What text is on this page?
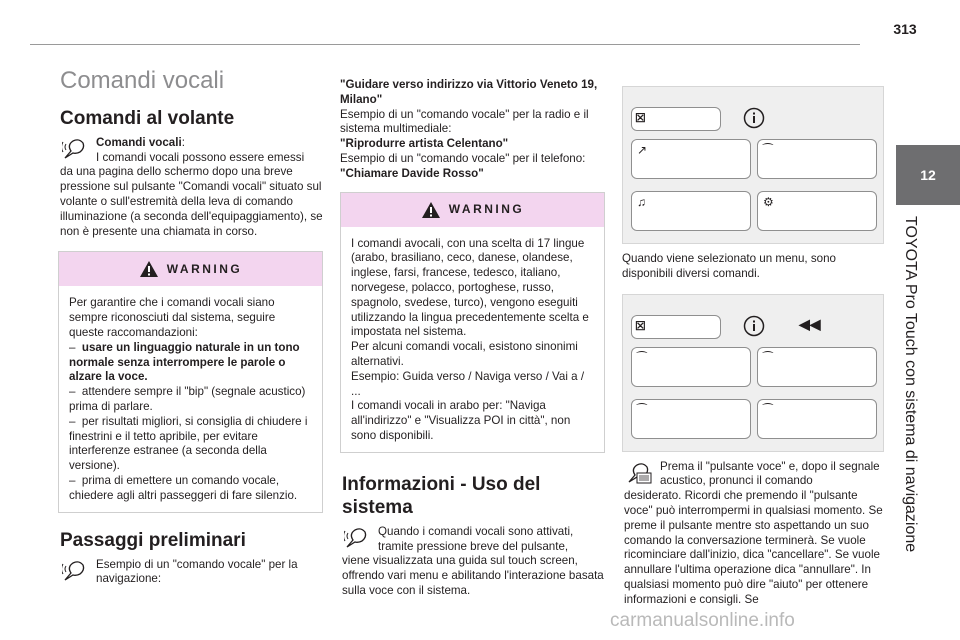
313
12
TOYOTA Pro Touch con sistema di navigazione
Comandi vocali
Comandi al volante

Comandi vocali:

I comandi vocali possono essere emessi

da una pagina dello schermo dopo una breve pressione sul pulsante "Comandi vocali" situato sul volante o sull'estremità della leva di comando illuminazione (a seconda dell'equipaggiamento), se non è presente una chiamata in corso.

WARNING

Per garantire che i comandi vocali siano sempre riconosciuti dal sistema, seguire queste raccomandazioni:

– usare un linguaggio naturale in un tono normale senza interrompere le parole o alzare la voce.

– attendere sempre il "bip" (segnale acustico) prima di parlare.

– per risultati migliori, si consiglia di chiudere i finestrini e il tetto apribile, per evitare interferenze estranee (a seconda della versione).

– prima di emettere un comando vocale, chiedere agli altri passeggeri di fare silenzio.

Passaggi preliminari

Esempio di un "comando vocale" per la navigazione:

"Guidare verso indirizzo via Vittorio Veneto 19, Milano"

Esempio di un "comando vocale" per la radio e il sistema multimediale:

"Riprodurre artista Celentano"

Esempio di un "comando vocale" per il telefono:

"Chiamare Davide Rosso"

WARNING

I comandi avocali, con una scelta di 17 lingue (arabo, brasiliano, ceco, danese, olandese, inglese, farsi, francese, tedesco, italiano, norvegese, polacco, portoghese, russo, spagnolo, svedese, turco), vengono eseguiti utilizzando la lingua precedentemente scelta e impostata nel sistema.

Per alcuni comandi vocali, esistono sinonimi alternativi.

Esempio: Guida verso / Naviga verso / Vai a / ...

I comandi vocali in arabo per: "Naviga all'indirizzo" e "Visualizza POI in città", non sono disponibili.

Informazioni - Uso del sistema

Quando i comandi vocali sono attivati, tramite pressione breve del pulsante,

viene visualizzata una guida sul touch screen, offrendo vari menu e abilitando l'interazione basata sulla voce con il sistema.

☒
↗	⁀
♫	⚙

Quando viene selezionato un menu, sono disponibili diversi comandi.

☒	◀◀
⁀	⁀
⁀	⁀

Prema il "pulsante voce" e, dopo il segnale acustico, pronunci il comando

desiderato. Ricordi che premendo il "pulsante voce" può interrompermi in qualsiasi momento. Se preme il pulsante mentre sto aspettando un suo comando la conversazione terminerà. Se vuole ricominciare dall'inizio, dica "cancellare". Se vuole annullare l'ultima operazione dica "annullare". In qualsiasi momento può dire "aiuto" per ottenere informazioni e consigli. Se

carmanualsonline.info
